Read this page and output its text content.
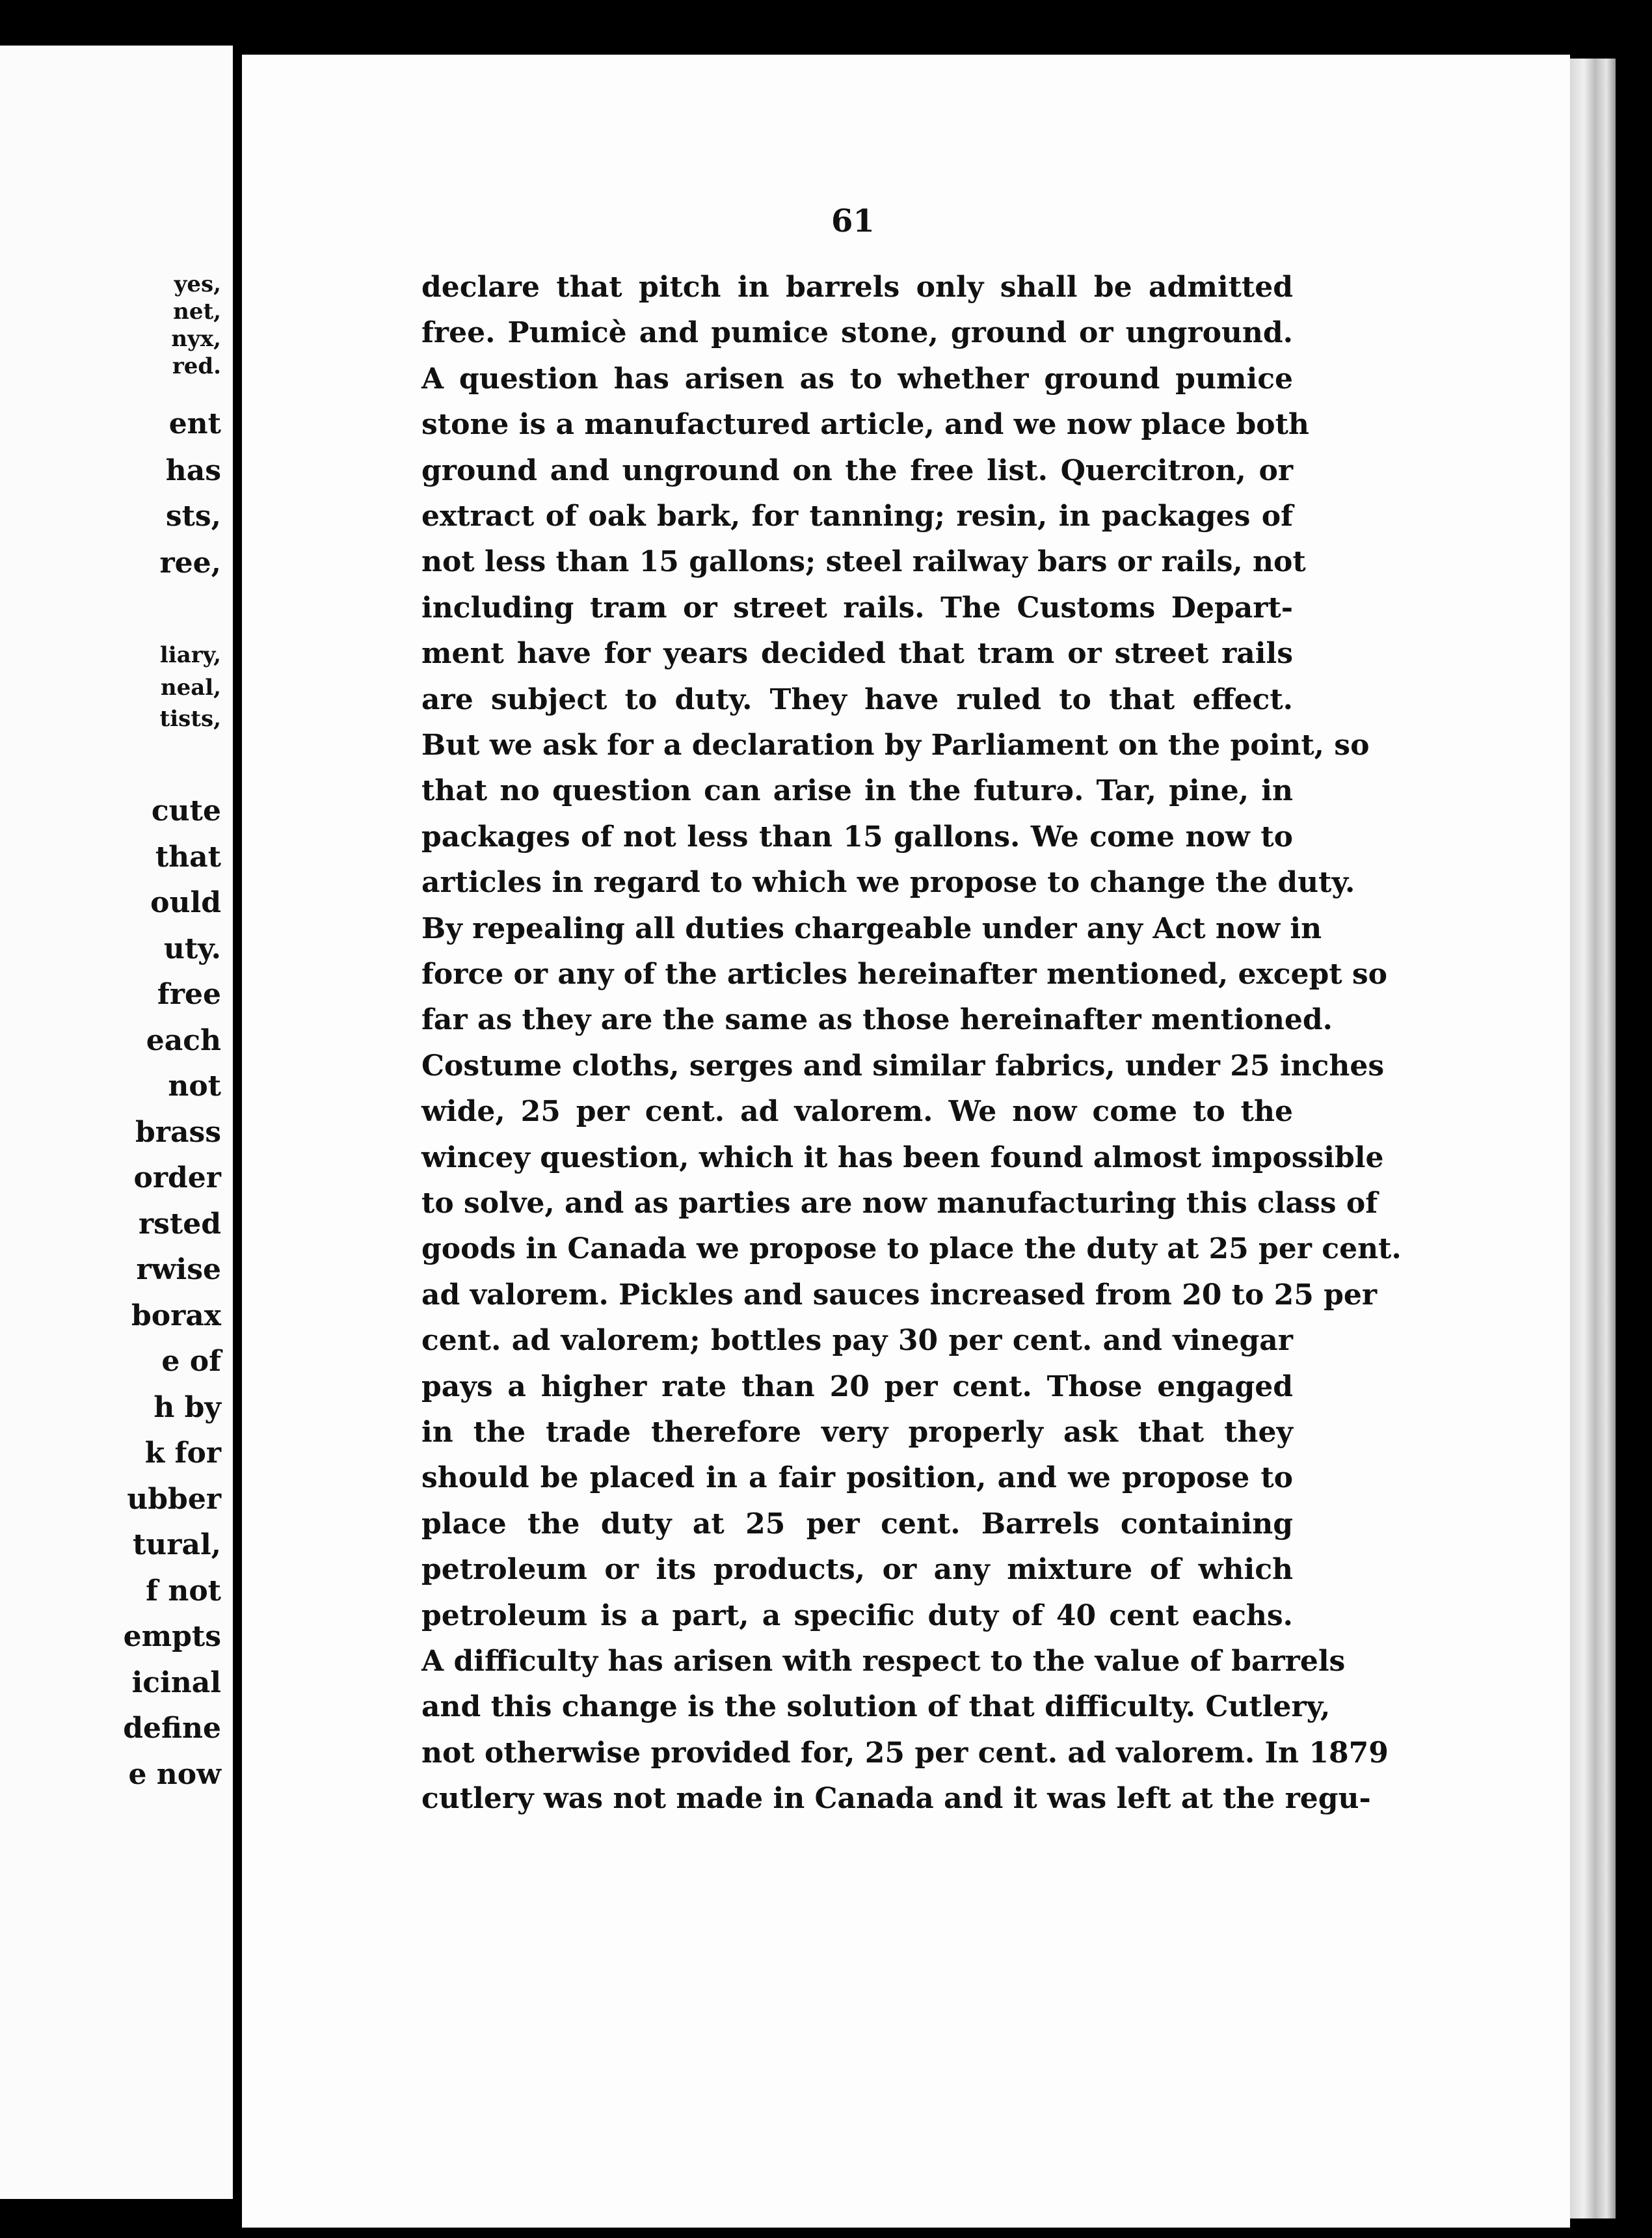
yes,
net,
nyx,
red.
ent
has
sts,
ree,
liary,
neal,
tists,
cute
that
ould
uty.
free
each
not
brass
order
rsted
rwise
borax
e of
h by
k for
ubber
tural,
f not
empts
icinal
define
e now
61
declare that pitch in barrels only shall be admitted
free. Pumicè and pumice stone, ground or unground.
A question has arisen as to whether ground pumice
stone is a manufactured article, and we now place both
ground and unground on the free list. Quercitron, or
extract of oak bark, for tanning; resin, in packages of
not less than 15 gallons; steel railway bars or rails, not
including tram or street rails. The Customs Depart-
ment have for years decided that tram or street rails
are subject to duty. They have ruled to that effect.
But we ask for a declaration by Parliament on the point, so
that no question can arise in the futurə. Tar, pine, in
packages of not less than 15 gallons. We come now to
articles in regard to which we propose to change the duty.
By repealing all duties chargeable under any Act now in
force or any of the articles heɾeinafter mentioned, except so
far as they are the same as those hereinafter mentioned.
Costume cloths, serges and similar fabrics, under 25 inches
wide, 25 per cent. ad valorem. We now come to the
wincey question, which it has been found almost impossible
to solve, and as parties are now manufacturing this class of
goods in Canada we propose to place the duty at 25 per cent.
ad valorem. Pickles and sauces increased from 20 to 25 per
cent. ad valorem; bottles pay 30 per cent. and vinegar
pays a higher rate than 20 per cent. Those engaged
in the trade therefore very properly ask that they
should be placed in a fair position, and we propose to
place the duty at 25 per cent. Barrels containing
petroleum or its products, or any mixture of which
petroleum is a part, a specific duty of 40 cent eachs.
A difficulty has arisen with respect to the value of barrels
and this change is the solution of that difficulty. Cutlery,
not otherwise provided for, 25 per cent. ad valorem. In 1879
cutlery was not made in Canada and it was left at the regu-
